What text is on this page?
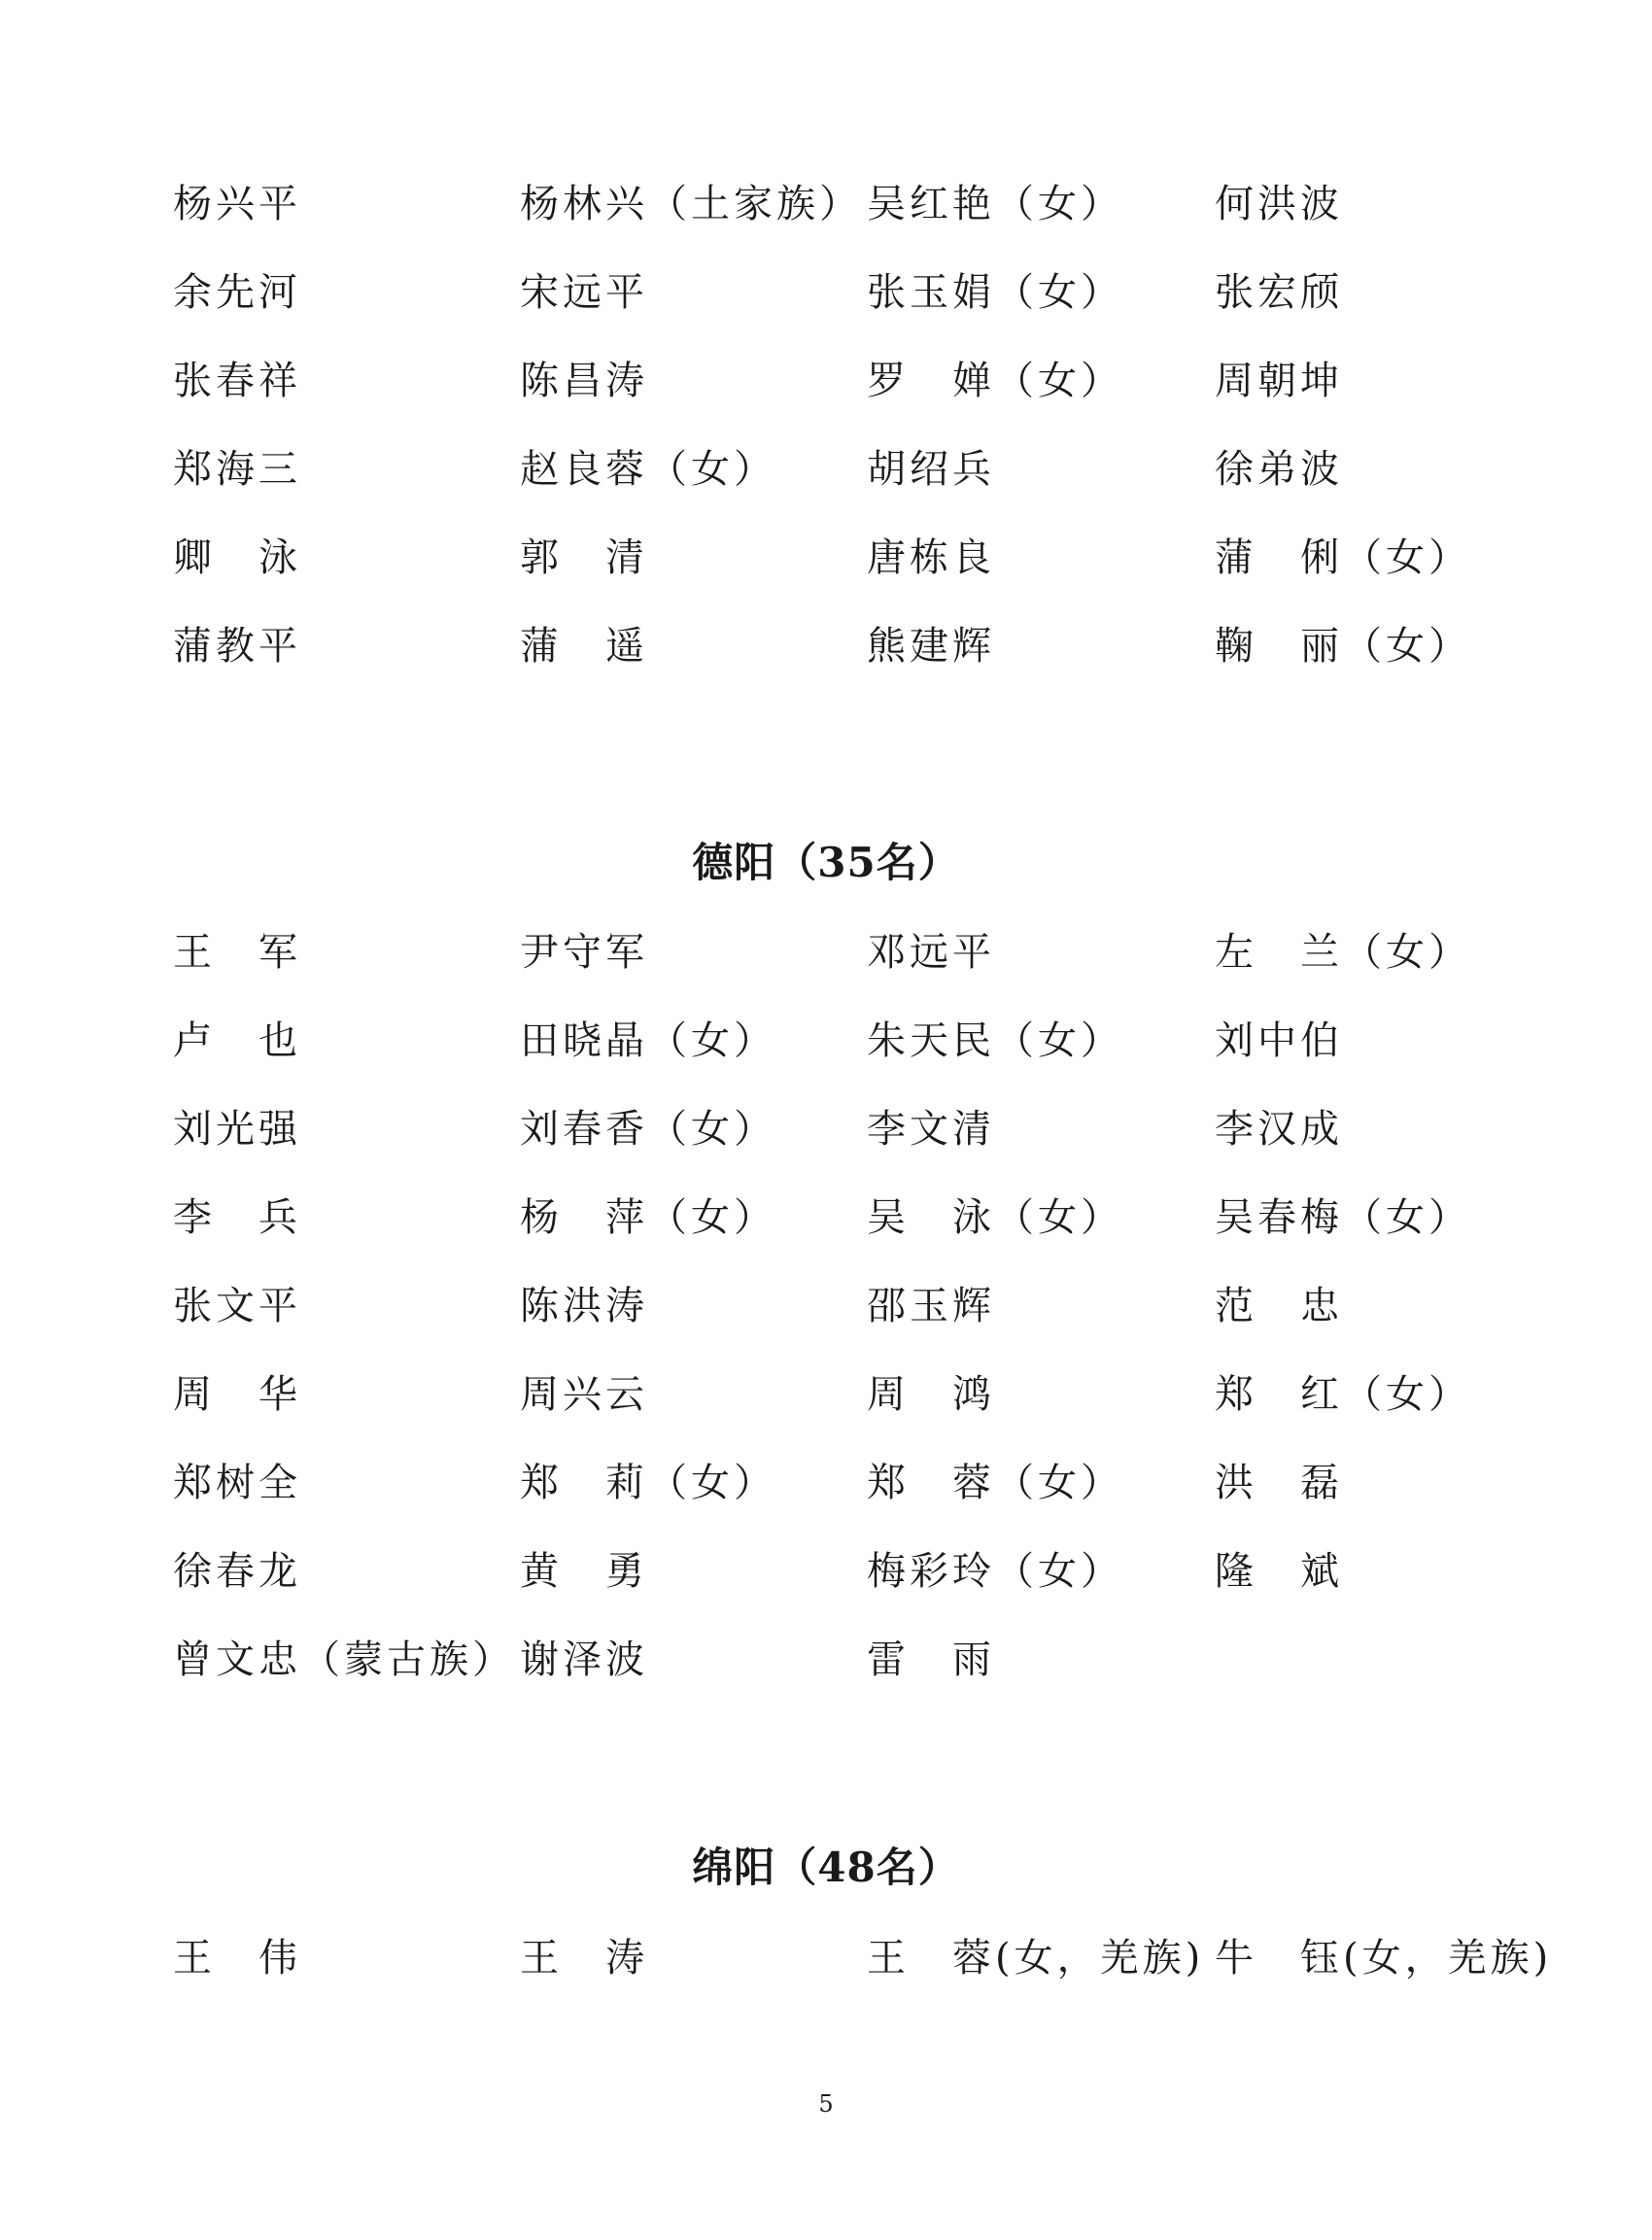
杨兴平	杨林兴（土家族） 吴红艳（女） 何洪波
余先河	宋远平	张玉娟（女） 张宏颀
张春祥	陈昌涛	罗　婵（女） 周朝坤
郑海三	赵良蓉（女） 胡绍兵	徐弟波
卿　泳	郭　清	唐栋良	蒲　俐（女）
蒲教平	蒲　遥	熊建辉	鞠　丽（女）
德阳（35名）
王　军	尹守军	邓远平	左　兰（女）
卢　也	田晓晶（女） 朱天民（女） 刘中伯
刘光强	刘春香（女） 李文清	李汉成
李　兵	杨　萍（女） 吴　泳（女） 吴春梅（女）
张文平	陈洪涛	邵玉辉	范　忠
周　华	周兴云	周　鸿	郑　红（女）
郑树全	郑　莉（女） 郑　蓉（女） 洪　磊
徐春龙	黄　勇	梅彩玲（女） 隆　斌
曾文忠（蒙古族） 谢泽波	雷　雨
绵阳（48名）
王　伟	王　涛	王　蓉(女，羌族) 牛　钰(女，羌族)
5
